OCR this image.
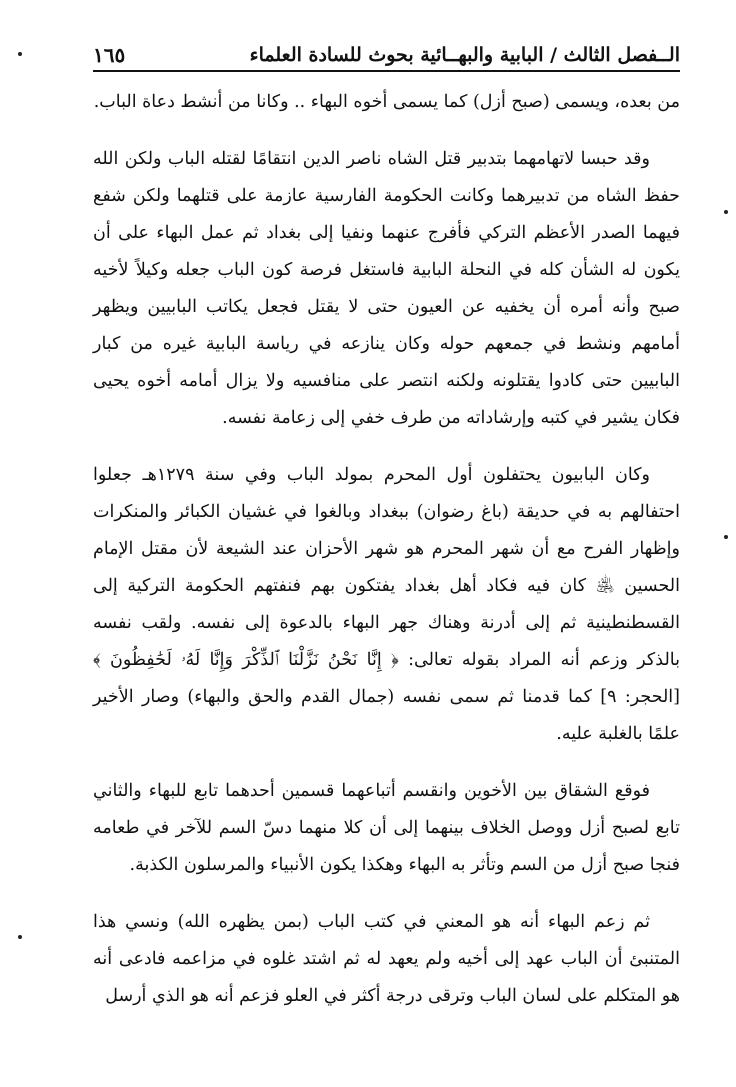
الــفصل الثالث / البابية والبهــائية بحوث للسادة العلماء
١٦٥

من بعده، ويسمى (صبح أزل) كما يسمى أخوه البهاء .. وكانا من أنشط دعاة الباب.

وقد حبسا لاتهامهما بتدبير قتل الشاه ناصر الدين انتقامًا لقتله الباب ولكن الله حفظ الشاه من تدبيرهما وكانت الحكومة الفارسية عازمة على قتلهما ولكن شفع فيهما الصدر الأعظم التركي فأفرج عنهما ونفيا إلى بغداد ثم عمل البهاء على أن يكون له الشأن كله في النحلة البابية فاستغل فرصة كون الباب جعله وكيلاً لأخيه صبح وأنه أمره أن يخفيه عن العيون حتى لا يقتل فجعل يكاتب البابيين ويظهر أمامهم ونشط في جمعهم حوله وكان ينازعه في رياسة البابية غيره من كبار البابيين حتى كادوا يقتلونه ولكنه انتصر على منافسيه ولا يزال أمامه أخوه يحيى فكان يشير في كتبه وإرشاداته من طرف خفي إلى زعامة نفسه.

وكان البابيون يحتفلون أول المحرم بمولد الباب وفي سنة ١٢٧٩هـ جعلوا احتفالهم به في حديقة (باغ رضوان) ببغداد وبالغوا في غشيان الكبائر والمنكرات وإظهار الفرح مع أن شهر المحرم هو شهر الأحزان عند الشيعة لأن مقتل الإمام الحسين ﵁ كان فيه فكاد أهل بغداد يفتكون بهم فنفتهم الحكومة التركية إلى القسطنطينية ثم إلى أدرنة وهناك جهر البهاء بالدعوة إلى نفسه. ولقب نفسه بالذكر وزعم أنه المراد بقوله تعالى: ﴿ إِنَّا نَحْنُ نَزَّلْنَا ٱلذِّكْرَ وَإِنَّا لَهُۥ لَحَٰفِظُونَ ﴾ [الحجر: ٩] كما قدمنا ثم سمى نفسه (جمال القدم والحق والبهاء) وصار الأخير علمًا بالغلبة عليه.

فوقع الشقاق بين الأخوين وانقسم أتباعهما قسمين أحدهما تابع للبهاء والثاني تابع لصبح أزل ووصل الخلاف بينهما إلى أن كلا منهما دسّ السم للآخر في طعامه فنجا صبح أزل من السم وتأثر به البهاء وهكذا يكون الأنبياء والمرسلون الكذبة.

ثم زعم البهاء أنه هو المعني في كتب الباب (بمن يظهره الله) ونسي هذا المتنبئ أن الباب عهد إلى أخيه ولم يعهد له ثم اشتد غلوه في مزاعمه فادعى أنه هو المتكلم على لسان الباب وترقى درجة أكثر في العلو فزعم أنه هو الذي أرسل
